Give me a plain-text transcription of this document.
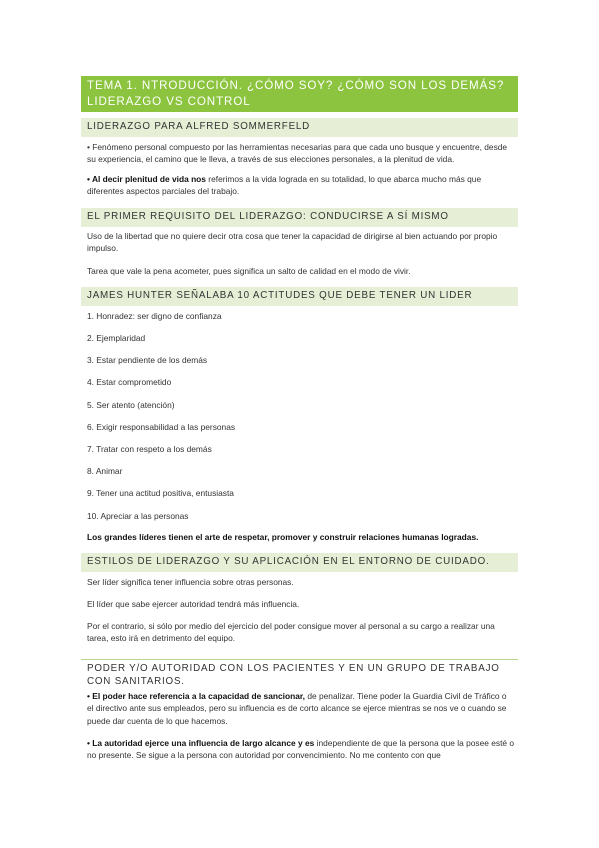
TEMA 1. NTRODUCCIÓN. ¿CÓMO SOY? ¿CÓMO SON LOS DEMÁS? LIDERAZGO VS CONTROL
LIDERAZGO PARA ALFRED SOMMERFELD
• Fenómeno personal compuesto por las herramientas necesarias para que cada uno busque y encuentre, desde su experiencia, el camino que le lleva, a través de sus elecciones personales, a la plenitud de vida.
• Al decir plenitud de vida nos referimos a la vida lograda en su totalidad, lo que abarca mucho más que diferentes aspectos parciales del trabajo.
EL PRIMER REQUISITO DEL LIDERAZGO: CONDUCIRSE A SÍ MISMO
Uso de la libertad que no quiere decir otra cosa que tener la capacidad de dirigirse al bien actuando por propio impulso.
Tarea que vale la pena acometer, pues significa un salto de calidad en el modo de vivir.
JAMES HUNTER SEÑALABA 10 ACTITUDES QUE DEBE TENER UN LIDER
1. Honradez: ser digno de confianza
2. Ejemplaridad
3. Estar pendiente de los demás
4. Estar comprometido
5. Ser atento (atención)
6. Exigir responsabilidad a las personas
7. Tratar con respeto a los demás
8. Animar
9. Tener una actitud positiva, entusiasta
10. Apreciar a las personas
Los grandes líderes tienen el arte de respetar, promover y construir relaciones humanas logradas.
ESTILOS DE LIDERAZGO Y SU APLICACIÓN EN EL ENTORNO DE CUIDADO.
Ser líder significa tener influencia sobre otras personas.
El líder que sabe ejercer autoridad tendrá más influencia.
Por el contrario, si sólo por medio del ejercicio del poder consigue mover al personal a su cargo a realizar una tarea, esto irá en detrimento del equipo.
PODER Y/O AUTORIDAD CON LOS PACIENTES Y EN UN GRUPO DE TRABAJO CON SANITARIOS.
• El poder hace referencia a la capacidad de sancionar, de penalizar. Tiene poder la Guardia Civil de Tráfico o el directivo ante sus empleados, pero su influencia es de corto alcance se ejerce mientras se nos ve o cuando se puede dar cuenta de lo que hacemos.
• La autoridad ejerce una influencia de largo alcance y es independiente de que la persona que la posee esté o no presente. Se sigue a la persona con autoridad por convencimiento. No me contento con que
